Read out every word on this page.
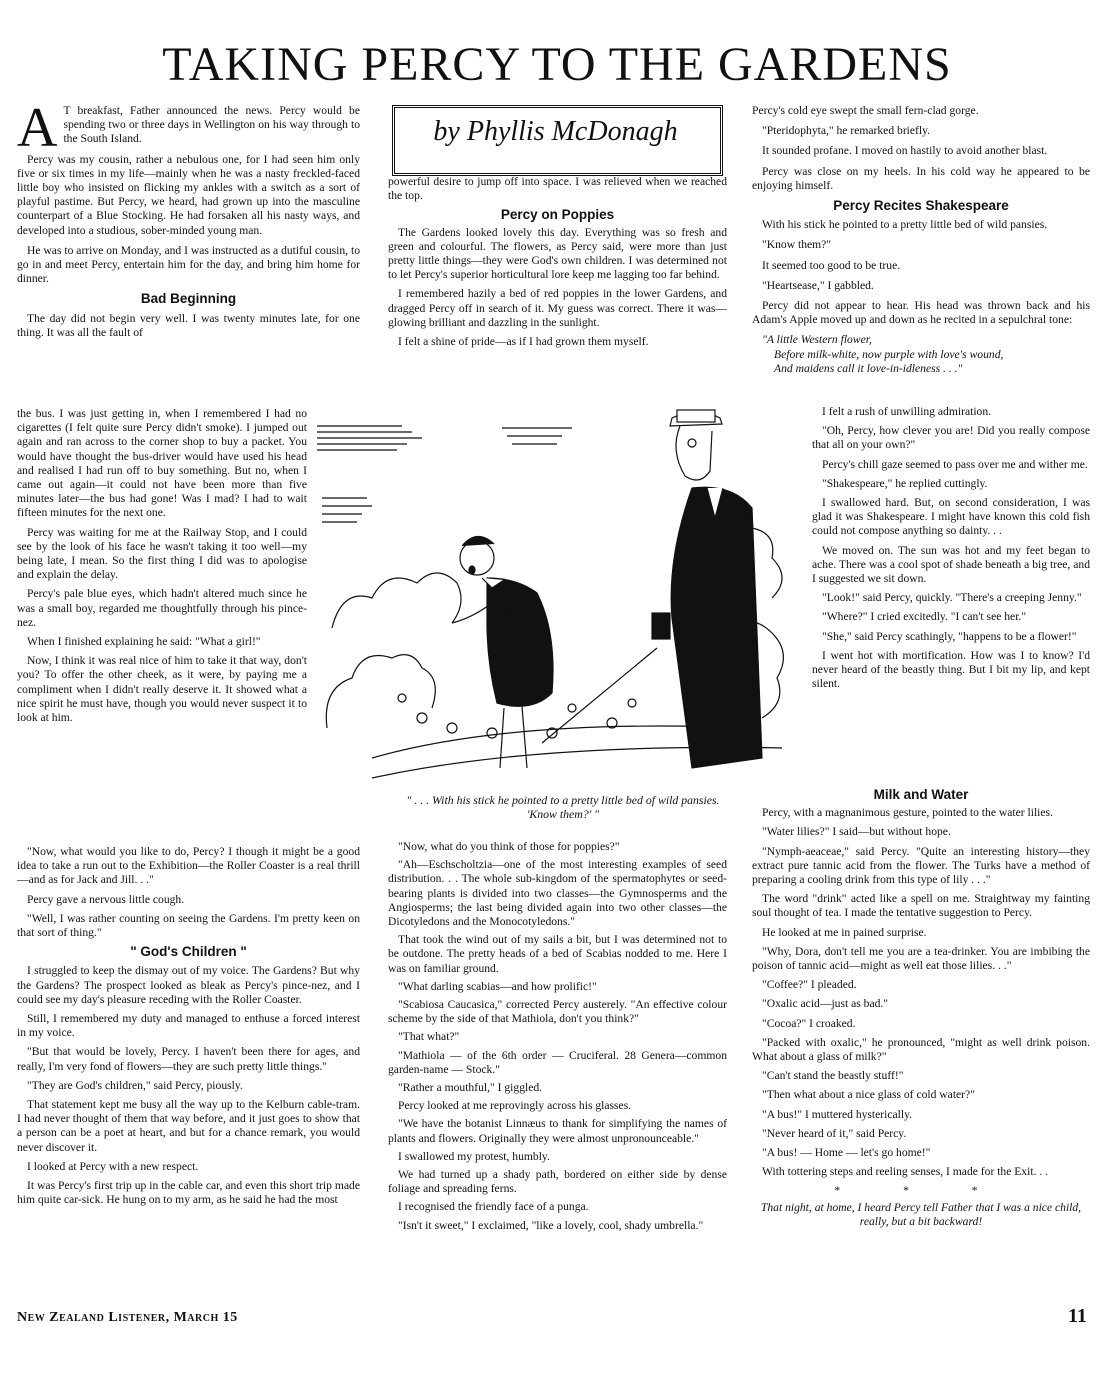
TAKING PERCY TO THE GARDENS

A T breakfast, Father announced the news. Percy would be spending two or three days in Wellington on his way through to the South Island.

Percy was my cousin, rather a nebulous one, for I had seen him only five or six times in my life—mainly when he was a nasty freckled-faced little boy who insisted on flicking my ankles with a switch as a sort of playful pastime. But Percy, we heard, had grown up into the masculine counterpart of a Blue Stocking. He had forsaken all his nasty ways, and developed into a studious, sober-minded young man.

He was to arrive on Monday, and I was instructed as a dutiful cousin, to go in and meet Percy, entertain him for the day, and bring him home for dinner.

Bad Beginning

The day did not begin very well. I was twenty minutes late, for one thing. It was all the fault of

the bus. I was just getting in, when I remembered I had no cigarettes (I felt quite sure Percy didn't smoke). I jumped out again and ran across to the corner shop to buy a packet. You would have thought the bus-driver would have used his head and realised I had run off to buy something. But no, when I came out again—it could not have been more than five minutes later—the bus had gone! Was I mad? I had to wait fifteen minutes for the next one.

Percy was waiting for me at the Railway Stop, and I could see by the look of his face he wasn't taking it too well—my being late, I mean. So the first thing I did was to apologise and explain the delay.

Percy's pale blue eyes, which hadn't altered much since he was a small boy, regarded me thoughtfully through his pince-nez.

When I finished explaining he said: "What a girl!"

Now, I think it was real nice of him to take it that way, don't you? To offer the other cheek, as it were, by paying me a compliment when I didn't really deserve it. It showed what a nice spirit he must have, though you would never suspect it to look at him.

"Now, what would you like to do, Percy? I though it might be a good idea to take a run out to the Exhibition—the Roller Coaster is a real thrill—and as for Jack and Jill. . ."

Percy gave a nervous little cough.

"Well, I was rather counting on seeing the Gardens. I'm pretty keen on that sort of thing."

" God's Children "

I struggled to keep the dismay out of my voice. The Gardens? But why the Gardens? The prospect looked as bleak as Percy's pince-nez, and I could see my day's pleasure receding with the Roller Coaster.

Still, I remembered my duty and managed to enthuse a forced interest in my voice.

"But that would be lovely, Percy. I haven't been there for ages, and really, I'm very fond of flowers—they are such pretty little things."

"They are God's children," said Percy, piously.

That statement kept me busy all the way up to the Kelburn cable-tram. I had never thought of them that way before, and it just goes to show that a person can be a poet at heart, and but for a chance remark, you would never discover it.

I looked at Percy with a new respect.

It was Percy's first trip up in the cable car, and even this short trip made him quite car-sick. He hung on to my arm, as he said he had the most

by Phyllis McDonagh

powerful desire to jump off into space. I was relieved when we reached the top.

Percy on Poppies

The Gardens looked lovely this day. Everything was so fresh and green and colourful. The flowers, as Percy said, were more than just pretty little things—they were God's own children. I was determined not to let Percy's superior horticultural lore keep me lagging too far behind.

I remembered hazily a bed of red poppies in the lower Gardens, and dragged Percy off in search of it. My guess was correct. There it was—glowing brilliant and dazzling in the sunlight.

I felt a shine of pride—as if I had grown them myself.

" . . . With his stick he pointed to a pretty little bed of wild pansies.
'Know them?' "

"Now, what do you think of those for poppies?"

"Ah—Eschscholtzia—one of the most interesting examples of seed distribution. . . The whole sub-kingdom of the spermatophytes or seed-bearing plants is divided into two classes—the Gymnosperms and the Angiosperms; the last being divided again into two other classes—the Dicotyledons and the Monocotyledons."

That took the wind out of my sails a bit, but I was determined not to be outdone. The pretty heads of a bed of Scabias nodded to me. Here I was on familiar ground.

"What darling scabias—and how prolific!"

"Scabiosa Caucasica," corrected Percy austerely. "An effective colour scheme by the side of that Mathiola, don't you think?"

"That what?"

"Mathiola — of the 6th order — Cruciferal. 28 Genera—common garden-name — Stock."

"Rather a mouthful," I giggled.

Percy looked at me reprovingly across his glasses.

"We have the botanist Linnæus to thank for simplifying the names of plants and flowers. Originally they were almost unpronounceable."

I swallowed my protest, humbly.

We had turned up a shady path, bordered on either side by dense foliage and spreading ferns.

I recognised the friendly face of a punga.

"Isn't it sweet," I exclaimed, "like a lovely, cool, shady umbrella."

Percy's cold eye swept the small fern-clad gorge.

"Pteridophyta," he remarked briefly.

It sounded profane. I moved on hastily to avoid another blast.

Percy was close on my heels. In his cold way he appeared to be enjoying himself.

Percy Recites Shakespeare

With his stick he pointed to a pretty little bed of wild pansies.

"Know them?"

It seemed too good to be true.

"Heartsease," I gabbled.

Percy did not appear to hear. His head was thrown back and his Adam's Apple moved up and down as he recited in a sepulchral tone:

"A little Western flower,
Before milk-white, now purple with love's wound,
And maidens call it love-in-idleness . . ."

I felt a rush of unwilling admiration.

"Oh, Percy, how clever you are! Did you really compose that all on your own?"

Percy's chill gaze seemed to pass over me and wither me.

"Shakespeare," he replied cuttingly.

I swallowed hard. But, on second consideration, I was glad it was Shakespeare. I might have known this cold fish could not compose anything so dainty. . .

We moved on. The sun was hot and my feet began to ache. There was a cool spot of shade beneath a big tree, and I suggested we sit down.

"Look!" said Percy, quickly. "There's a creeping Jenny."

"Where?" I cried excitedly. "I can't see her."

"She," said Percy scathingly, "happens to be a flower!"

I went hot with mortification. How was I to know? I'd never heard of the beastly thing. But I bit my lip, and kept silent.

Milk and Water

Percy, with a magnanimous gesture, pointed to the water lilies.

"Water lilies?" I said—but without hope.

"Nymph-aeaceae," said Percy. "Quite an interesting history—they extract pure tannic acid from the flower. The Turks have a method of preparing a cooling drink from this type of lily . . ."

The word "drink" acted like a spell on me. Straightway my fainting soul thought of tea. I made the tentative suggestion to Percy.

He looked at me in pained surprise.

"Why, Dora, don't tell me you are a tea-drinker. You are imbibing the poison of tannic acid—might as well eat those lilies. . ."

"Coffee?" I pleaded.

"Oxalic acid—just as bad."

"Cocoa?" I croaked.

"Packed with oxalic," he pronounced, "might as well drink poison. What about a glass of milk?"

"Can't stand the beastly stuff!"

"Then what about a nice glass of cold water?"

"A bus!" I muttered hysterically.

"Never heard of it," said Percy.

"A bus! — Home — let's go home!"

With tottering steps and reeling senses, I made for the Exit. . .

* * *

That night, at home, I heard Percy tell Father that I was a nice child, really, but a bit backward!

New Zealand Listener, March 15	11
